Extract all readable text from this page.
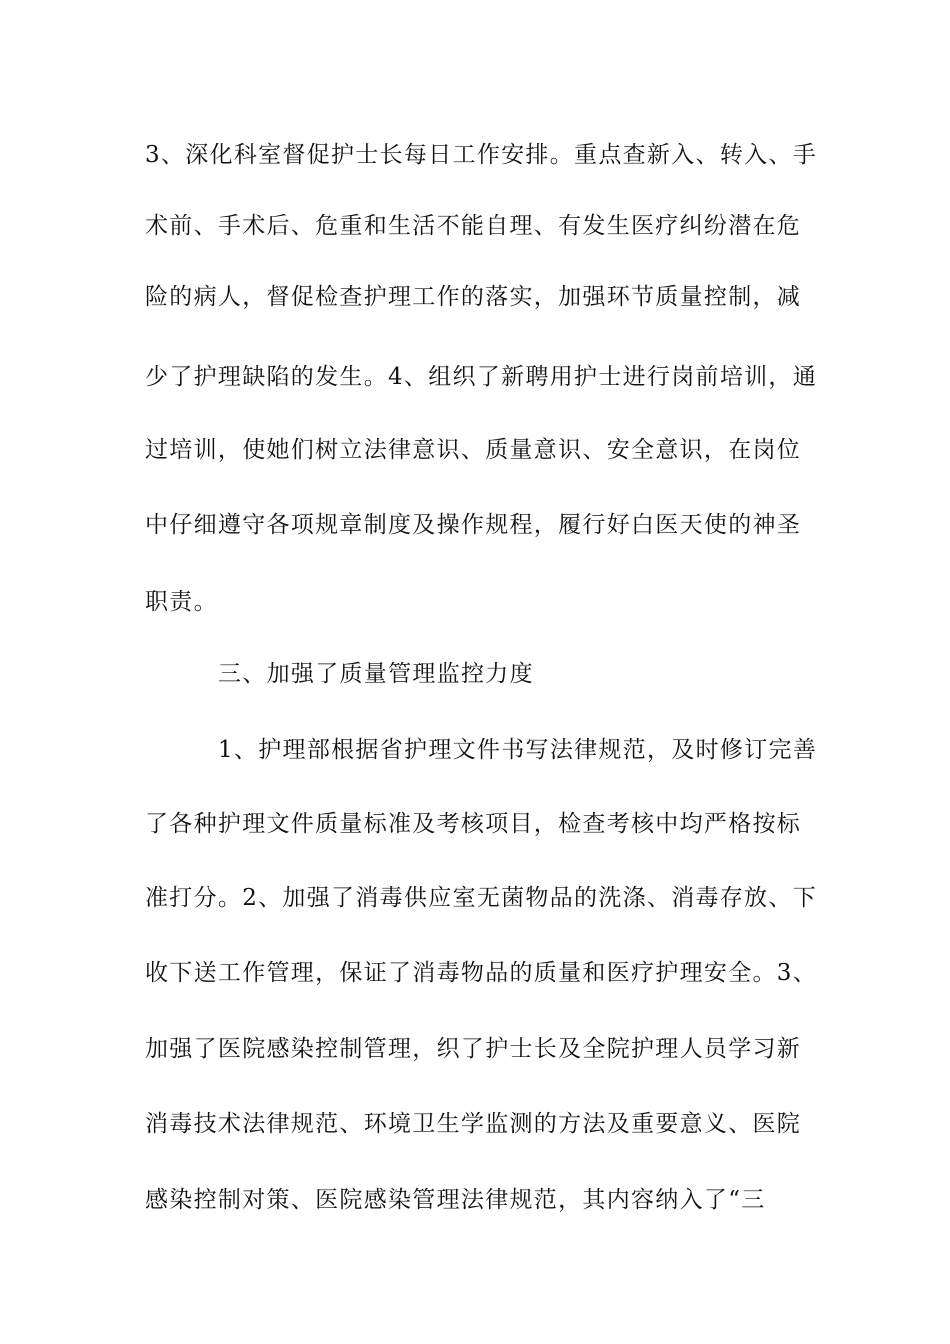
3、深化科室督促护士长每日工作安排。重点查新入、转入、手
术前、手术后、危重和生活不能自理、有发生医疗纠纷潜在危
险的病人，督促检查护理工作的落实，加强环节质量控制，减
少了护理缺陷的发生。4、组织了新聘用护士进行岗前培训，通
过培训，使她们树立法律意识、质量意识、安全意识，在岗位
中仔细遵守各项规章制度及操作规程，履行好白医天使的神圣
职责。
三、加强了质量管理监控力度
1、护理部根据省护理文件书写法律规范，及时修订完善
了各种护理文件质量标准及考核项目，检查考核中均严格按标
准打分。2、加强了消毒供应室无菌物品的洗涤、消毒存放、下
收下送工作管理，保证了消毒物品的质量和医疗护理安全。3、
加强了医院感染控制管理，织了护士长及全院护理人员学习新
消毒技术法律规范、环境卫生学监测的方法及重要意义、医院
感染控制对策、医院感染管理法律规范，其内容纳入了“三
